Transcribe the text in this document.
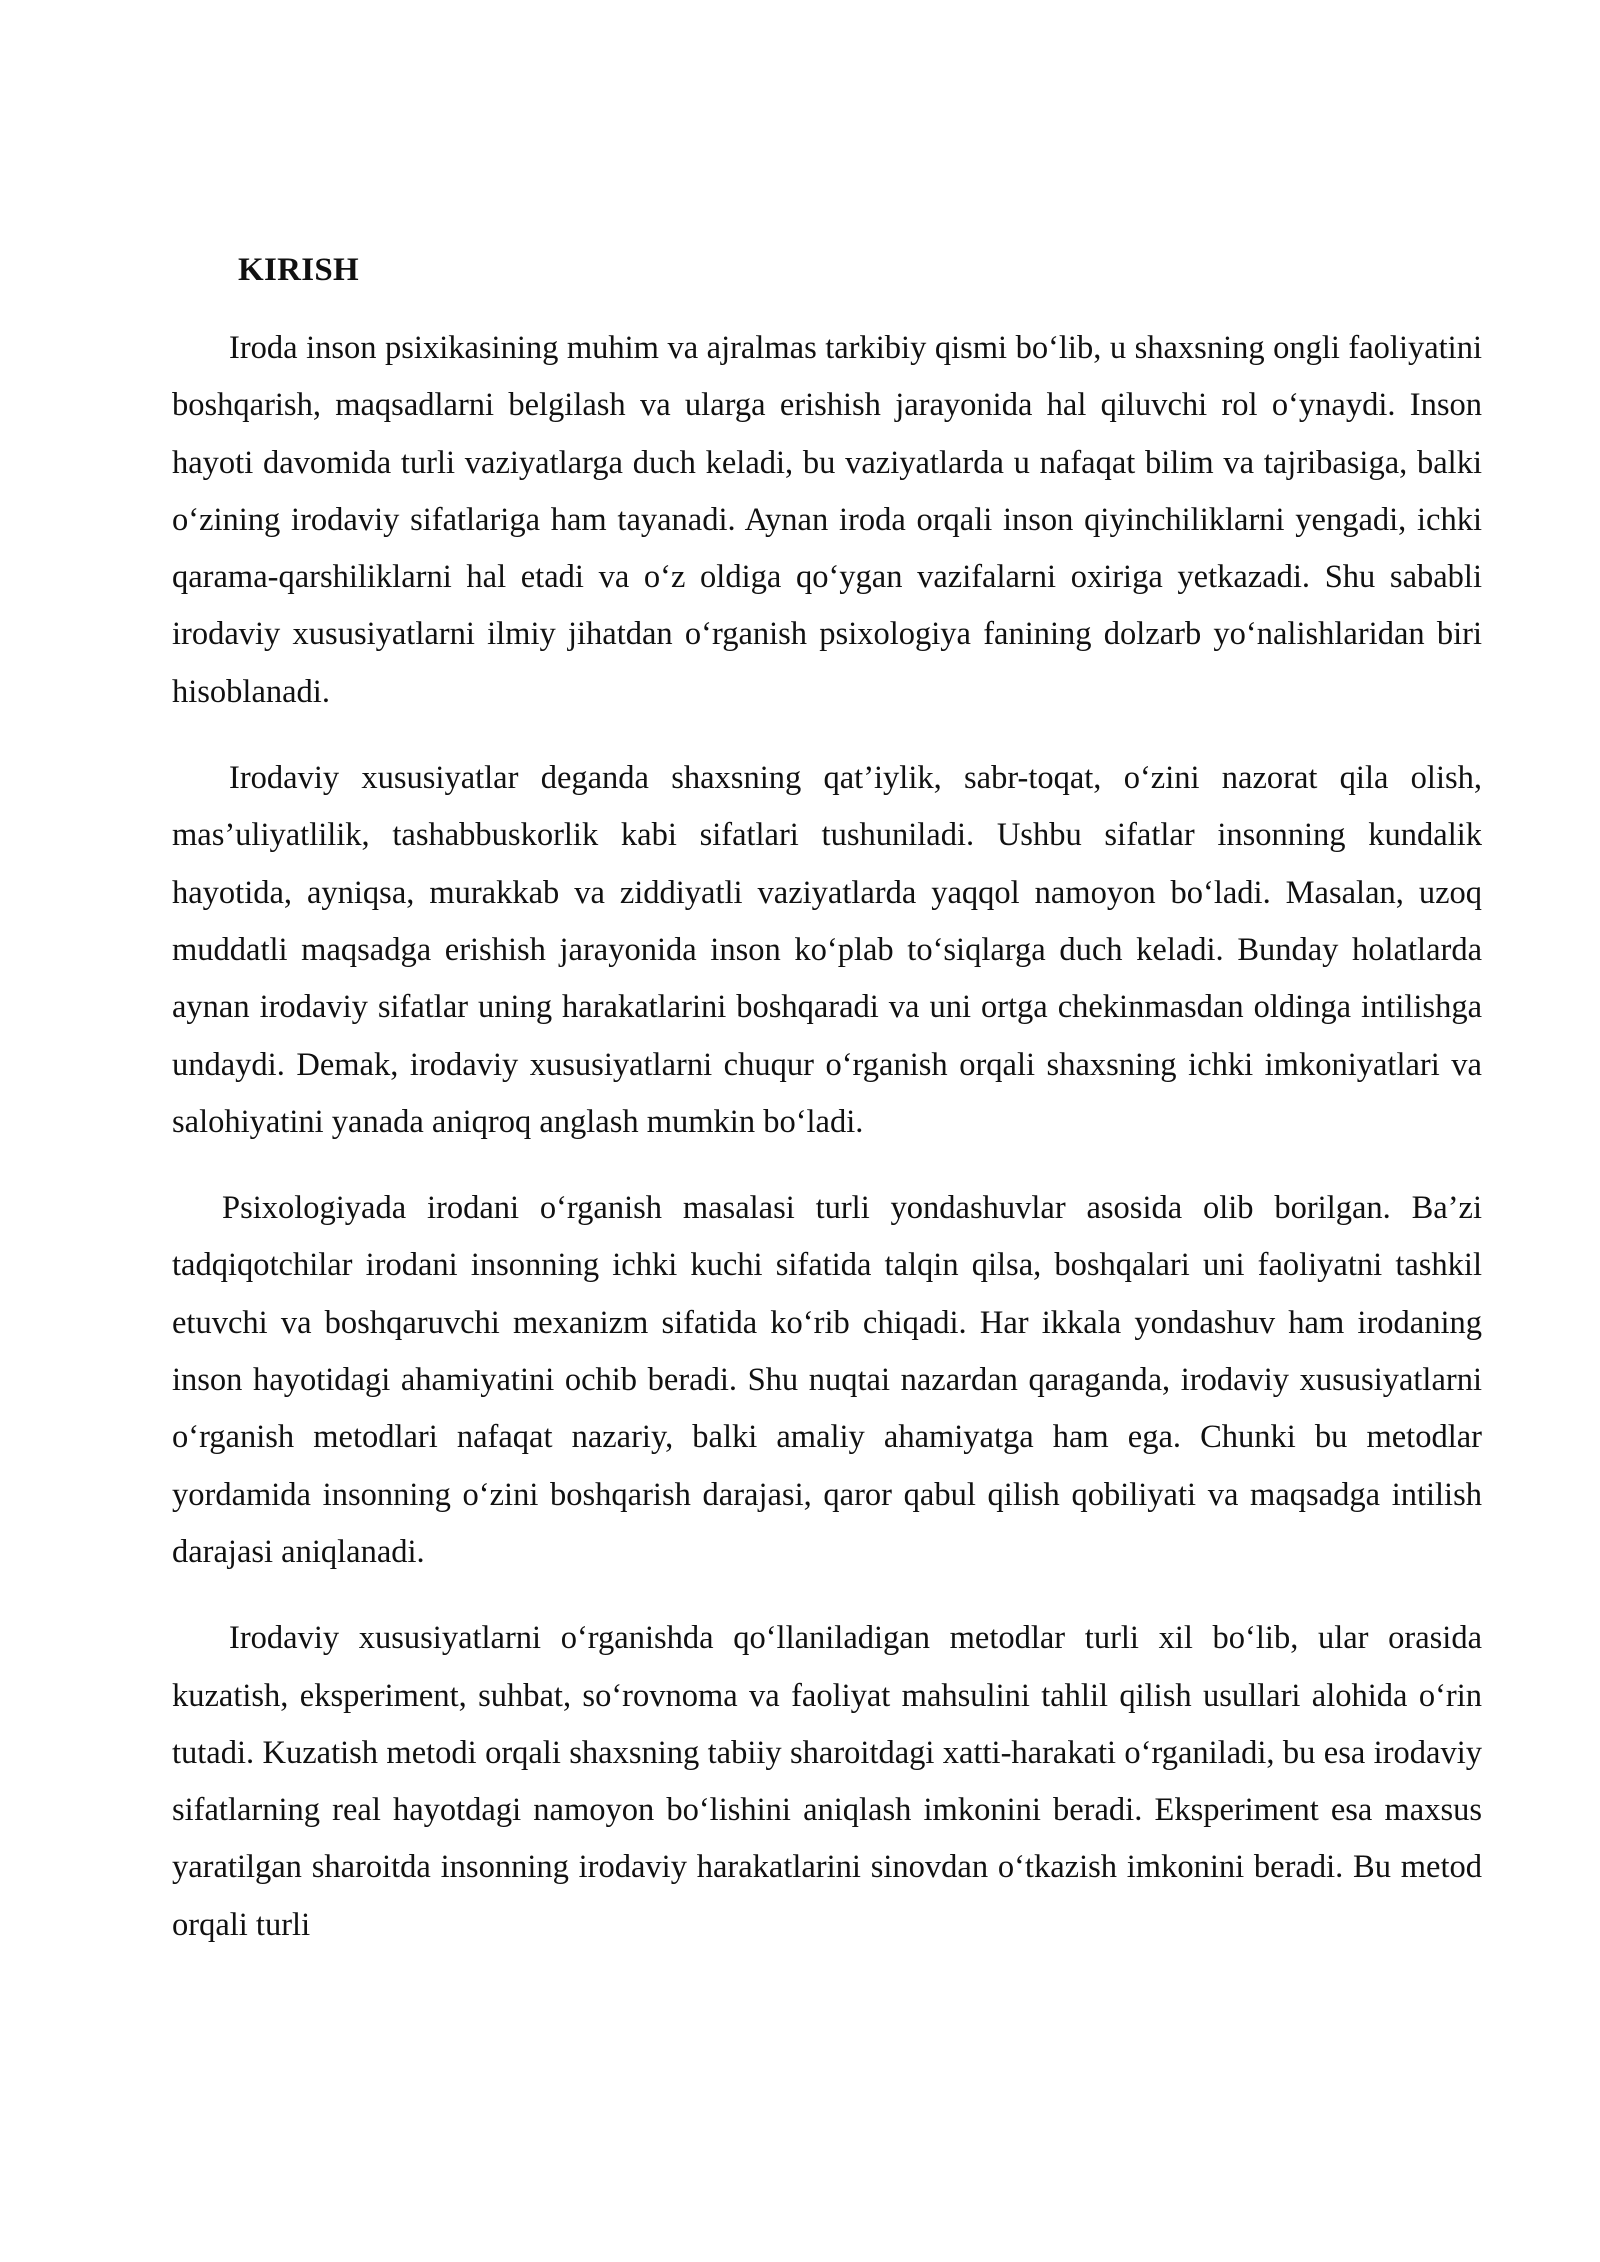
KIRISH

Iroda inson psixikasining muhim va ajralmas tarkibiy qismi bo‘lib, u shaxsning ongli faoliyatini boshqarish, maqsadlarni belgilash va ularga erishish jarayonida hal qiluvchi rol o‘ynaydi. Inson hayoti davomida turli vaziyatlarga duch keladi, bu vaziyatlarda u nafaqat bilim va tajribasiga, balki o‘zining irodaviy sifatlariga ham tayanadi. Aynan iroda orqali inson qiyinchiliklarni yengadi, ichki qarama-qarshiliklarni hal etadi va o‘z oldiga qo‘ygan vazifalarni oxiriga yetkazadi. Shu sababli irodaviy xususiyatlarni ilmiy jihatdan o‘rganish psixologiya fanining dolzarb yo‘nalishlaridan biri hisoblanadi.

Irodaviy xususiyatlar deganda shaxsning qat’iylik, sabr-toqat, o‘zini nazorat qila olish, mas’uliyatlilik, tashabbuskorlik kabi sifatlari tushuniladi. Ushbu sifatlar insonning kundalik hayotida, ayniqsa, murakkab va ziddiyatli vaziyatlarda yaqqol namoyon bo‘ladi. Masalan, uzoq muddatli maqsadga erishish jarayonida inson ko‘plab to‘siqlarga duch keladi. Bunday holatlarda aynan irodaviy sifatlar uning harakatlarini boshqaradi va uni ortga chekinmasdan oldinga intilishga undaydi. Demak, irodaviy xususiyatlarni chuqur o‘rganish orqali shaxsning ichki imkoniyatlari va salohiyatini yanada aniqroq anglash mumkin bo‘ladi.

Psixologiyada irodani o‘rganish masalasi turli yondashuvlar asosida olib borilgan. Ba’zi tadqiqotchilar irodani insonning ichki kuchi sifatida talqin qilsa, boshqalari uni faoliyatni tashkil etuvchi va boshqaruvchi mexanizm sifatida ko‘rib chiqadi. Har ikkala yondashuv ham irodaning inson hayotidagi ahamiyatini ochib beradi. Shu nuqtai nazardan qaraganda, irodaviy xususiyatlarni o‘rganish metodlari nafaqat nazariy, balki amaliy ahamiyatga ham ega. Chunki bu metodlar yordamida insonning o‘zini boshqarish darajasi, qaror qabul qilish qobiliyati va maqsadga intilish darajasi aniqlanadi.

Irodaviy xususiyatlarni o‘rganishda qo‘llaniladigan metodlar turli xil bo‘lib, ular orasida kuzatish, eksperiment, suhbat, so‘rovnoma va faoliyat mahsulini tahlil qilish usullari alohida o‘rin tutadi. Kuzatish metodi orqali shaxsning tabiiy sharoitdagi xatti-harakati o‘rganiladi, bu esa irodaviy sifatlarning real hayotdagi namoyon bo‘lishini aniqlash imkonini beradi. Eksperiment esa maxsus yaratilgan sharoitda insonning irodaviy harakatlarini sinovdan o‘tkazish imkonini beradi. Bu metod orqali turli
